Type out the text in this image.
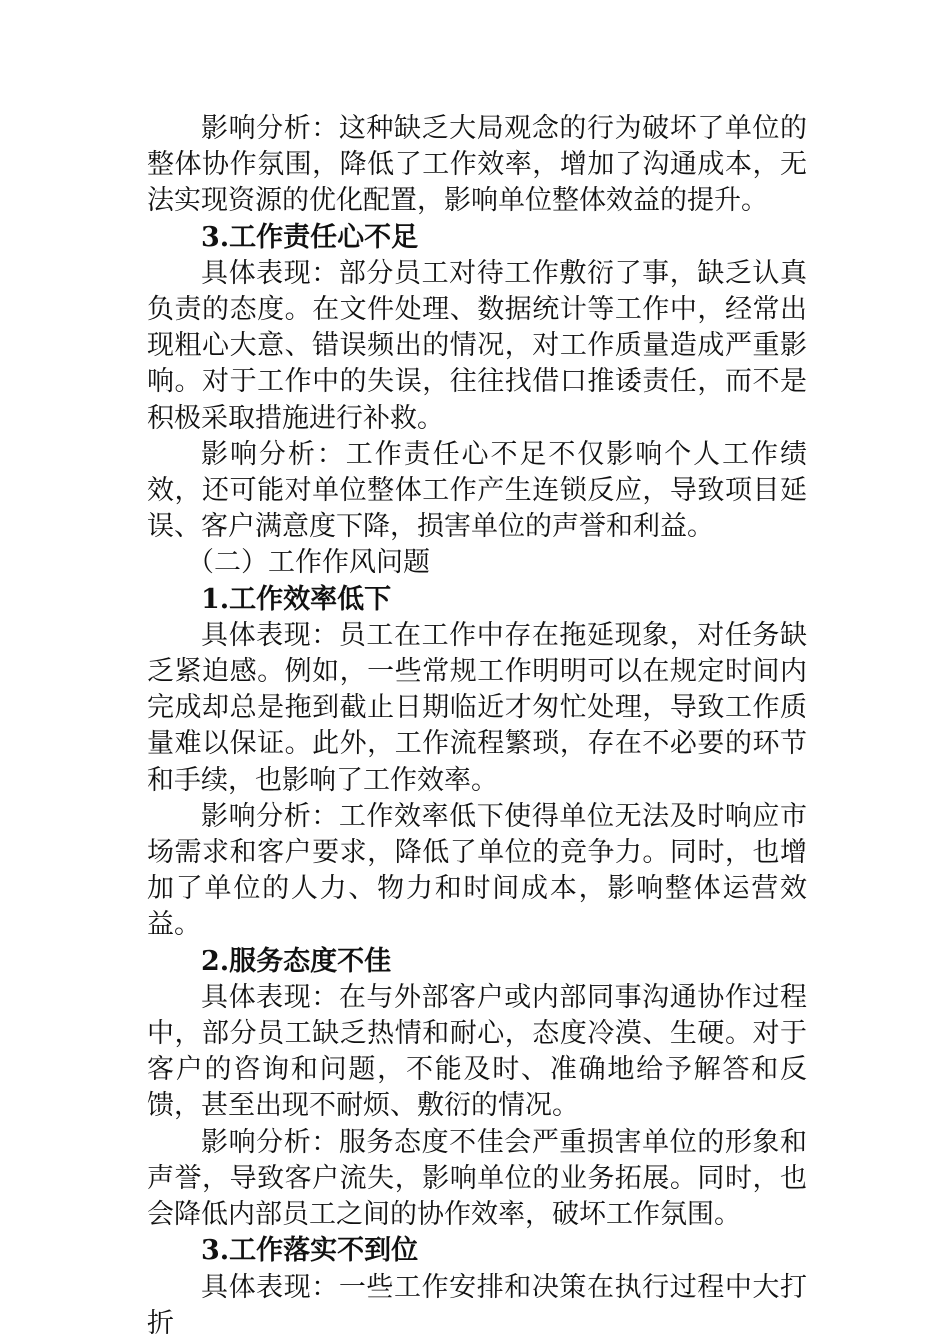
影响分析：这种缺乏大局观念的行为破坏了单位的整体协作氛围，降低了工作效率，增加了沟通成本，无法实现资源的优化配置，影响单位整体效益的提升。

3.工作责任心不足

具体表现：部分员工对待工作敷衍了事，缺乏认真负责的态度。在文件处理、数据统计等工作中，经常出现粗心大意、错误频出的情况，对工作质量造成严重影响。对于工作中的失误，往往找借口推诿责任，而不是积极采取措施进行补救。

影响分析：工作责任心不足不仅影响个人工作绩效，还可能对单位整体工作产生连锁反应，导致项目延误、客户满意度下降，损害单位的声誉和利益。

（二）工作作风问题

1.工作效率低下

具体表现：员工在工作中存在拖延现象，对任务缺乏紧迫感。例如，一些常规工作明明可以在规定时间内完成却总是拖到截止日期临近才匆忙处理，导致工作质量难以保证。此外，工作流程繁琐，存在不必要的环节和手续，也影响了工作效率。

影响分析：工作效率低下使得单位无法及时响应市场需求和客户要求，降低了单位的竞争力。同时，也增加了单位的人力、物力和时间成本，影响整体运营效益。

2.服务态度不佳

具体表现：在与外部客户或内部同事沟通协作过程中，部分员工缺乏热情和耐心，态度冷漠、生硬。对于客户的咨询和问题，不能及时、准确地给予解答和反馈，甚至出现不耐烦、敷衍的情况。

影响分析：服务态度不佳会严重损害单位的形象和声誉，导致客户流失，影响单位的业务拓展。同时，也会降低内部员工之间的协作效率，破坏工作氛围。

3.工作落实不到位

具体表现：一些工作安排和决策在执行过程中大打折
